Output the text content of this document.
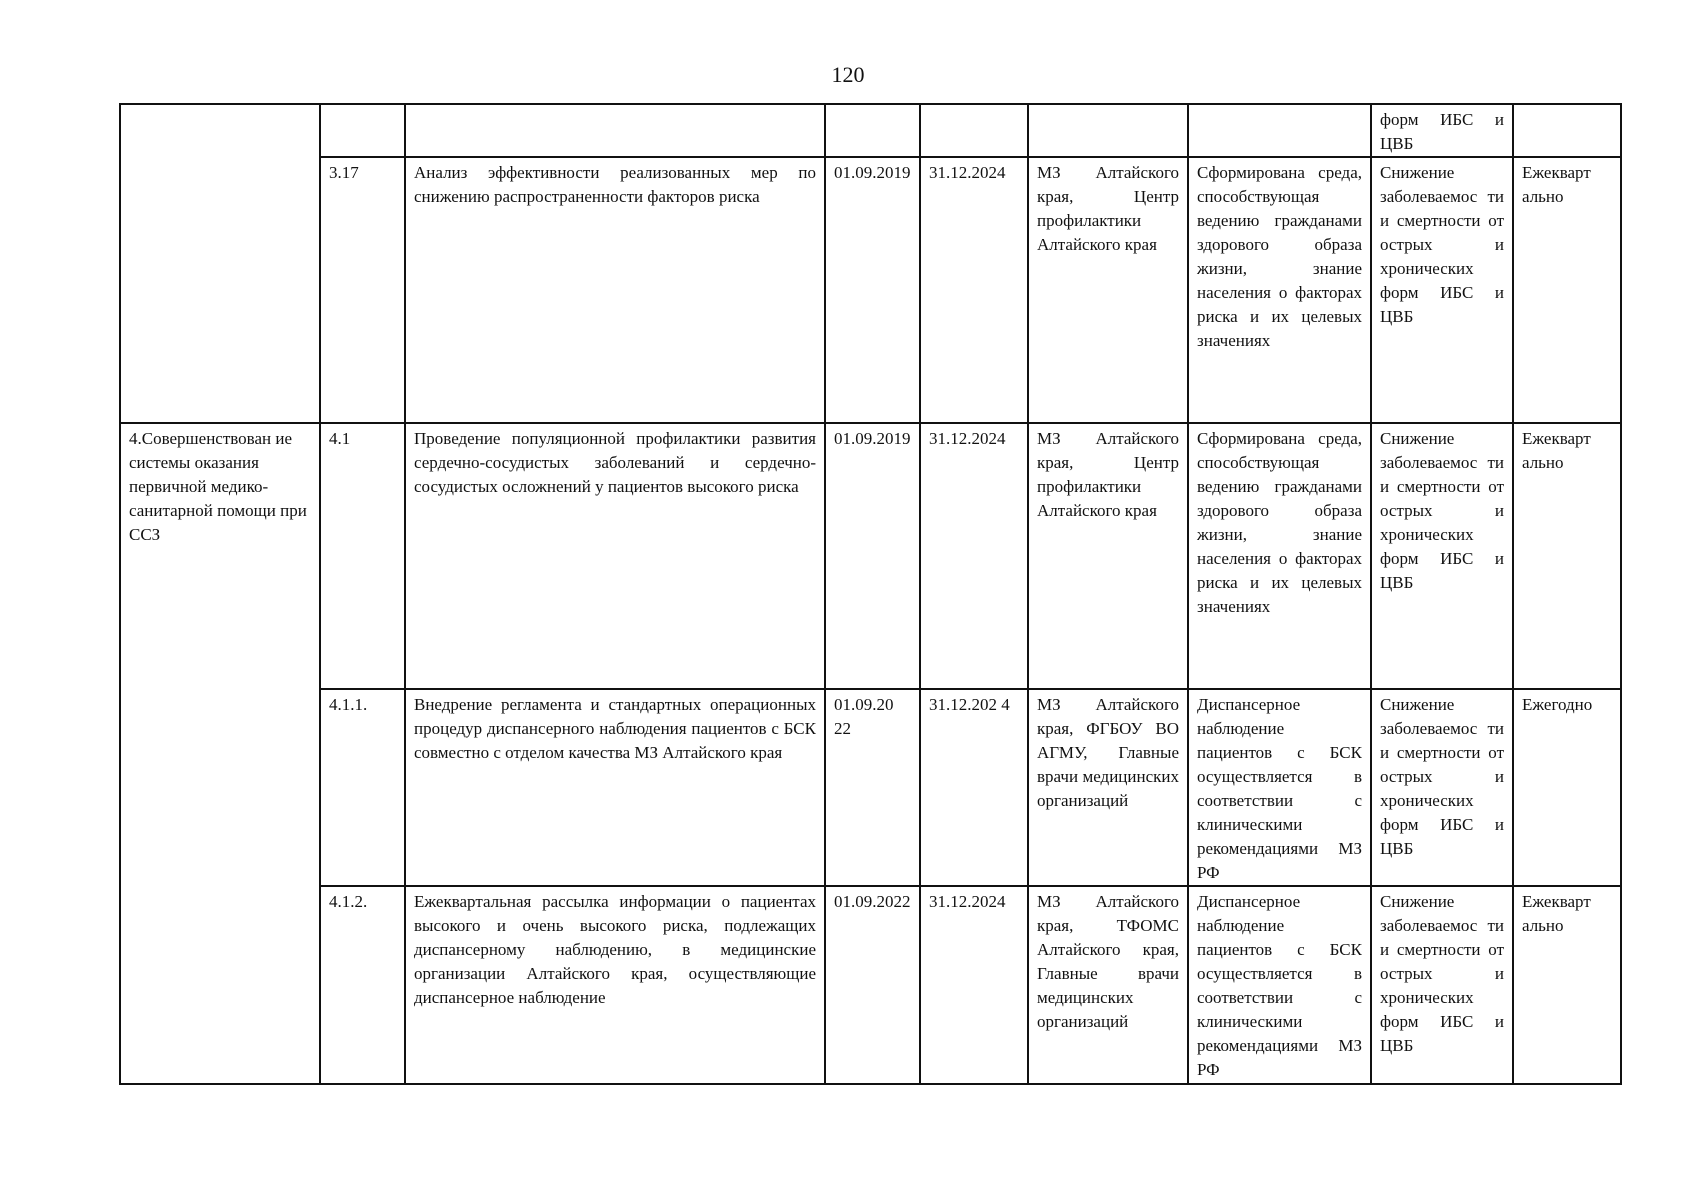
120
							форм ИБС и ЦВБ	
	3.17	Анализ эффективности реализованных мер по снижению распространенности факторов риска	01.09.2019	31.12.2024	МЗ Алтайского края, Центр профилактики Алтайского края	Сформирована среда, способствующая ведению гражданами здорового образа жизни, знание населения о факторах риска и их целевых значениях	Снижение заболеваемос ти и смертности от острых и хронических форм ИБС и ЦВБ	Ежекварт ально
4.Совершенствован ие системы оказания первичной медико-санитарной помощи при ССЗ	4.1	Проведение популяционной профилактики развития сердечно-сосудистых заболеваний и сердечно-сосудистых осложнений у пациентов высокого риска	01.09.2019	31.12.2024	МЗ Алтайского края, Центр профилактики Алтайского края	Сформирована среда, способствующая ведению гражданами здорового образа жизни, знание населения о факторах риска и их целевых значениях	Снижение заболеваемос ти и смертности от острых и хронических форм ИБС и ЦВБ	Ежекварт ально
	4.1.1.	Внедрение регламента и стандартных операционных процедур диспансерного наблюдения пациентов с БСК совместно с отделом качества МЗ Алтайского края	01.09.20 22	31.12.202 4	МЗ Алтайского края, ФГБОУ ВО АГМУ, Главные врачи медицинских организаций	Диспансерное наблюдение пациентов с БСК осуществляется в соответствии с клиническими рекомендациями МЗ РФ	Снижение заболеваемос ти и смертности от острых и хронических форм ИБС и ЦВБ	Ежегодно
	4.1.2.	Ежеквартальная рассылка информации о пациентах высокого и очень высокого риска, подлежащих диспансерному наблюдению, в медицинские организации Алтайского края, осуществляющие диспансерное наблюдение	01.09.2022	31.12.2024	МЗ Алтайского края, ТФОМС Алтайского края, Главные врачи медицинских организаций	Диспансерное наблюдение пациентов с БСК осуществляется в соответствии с клиническими рекомендациями МЗ РФ	Снижение заболеваемос ти и смертности от острых и хронических форм ИБС и ЦВБ	Ежекварт ально
